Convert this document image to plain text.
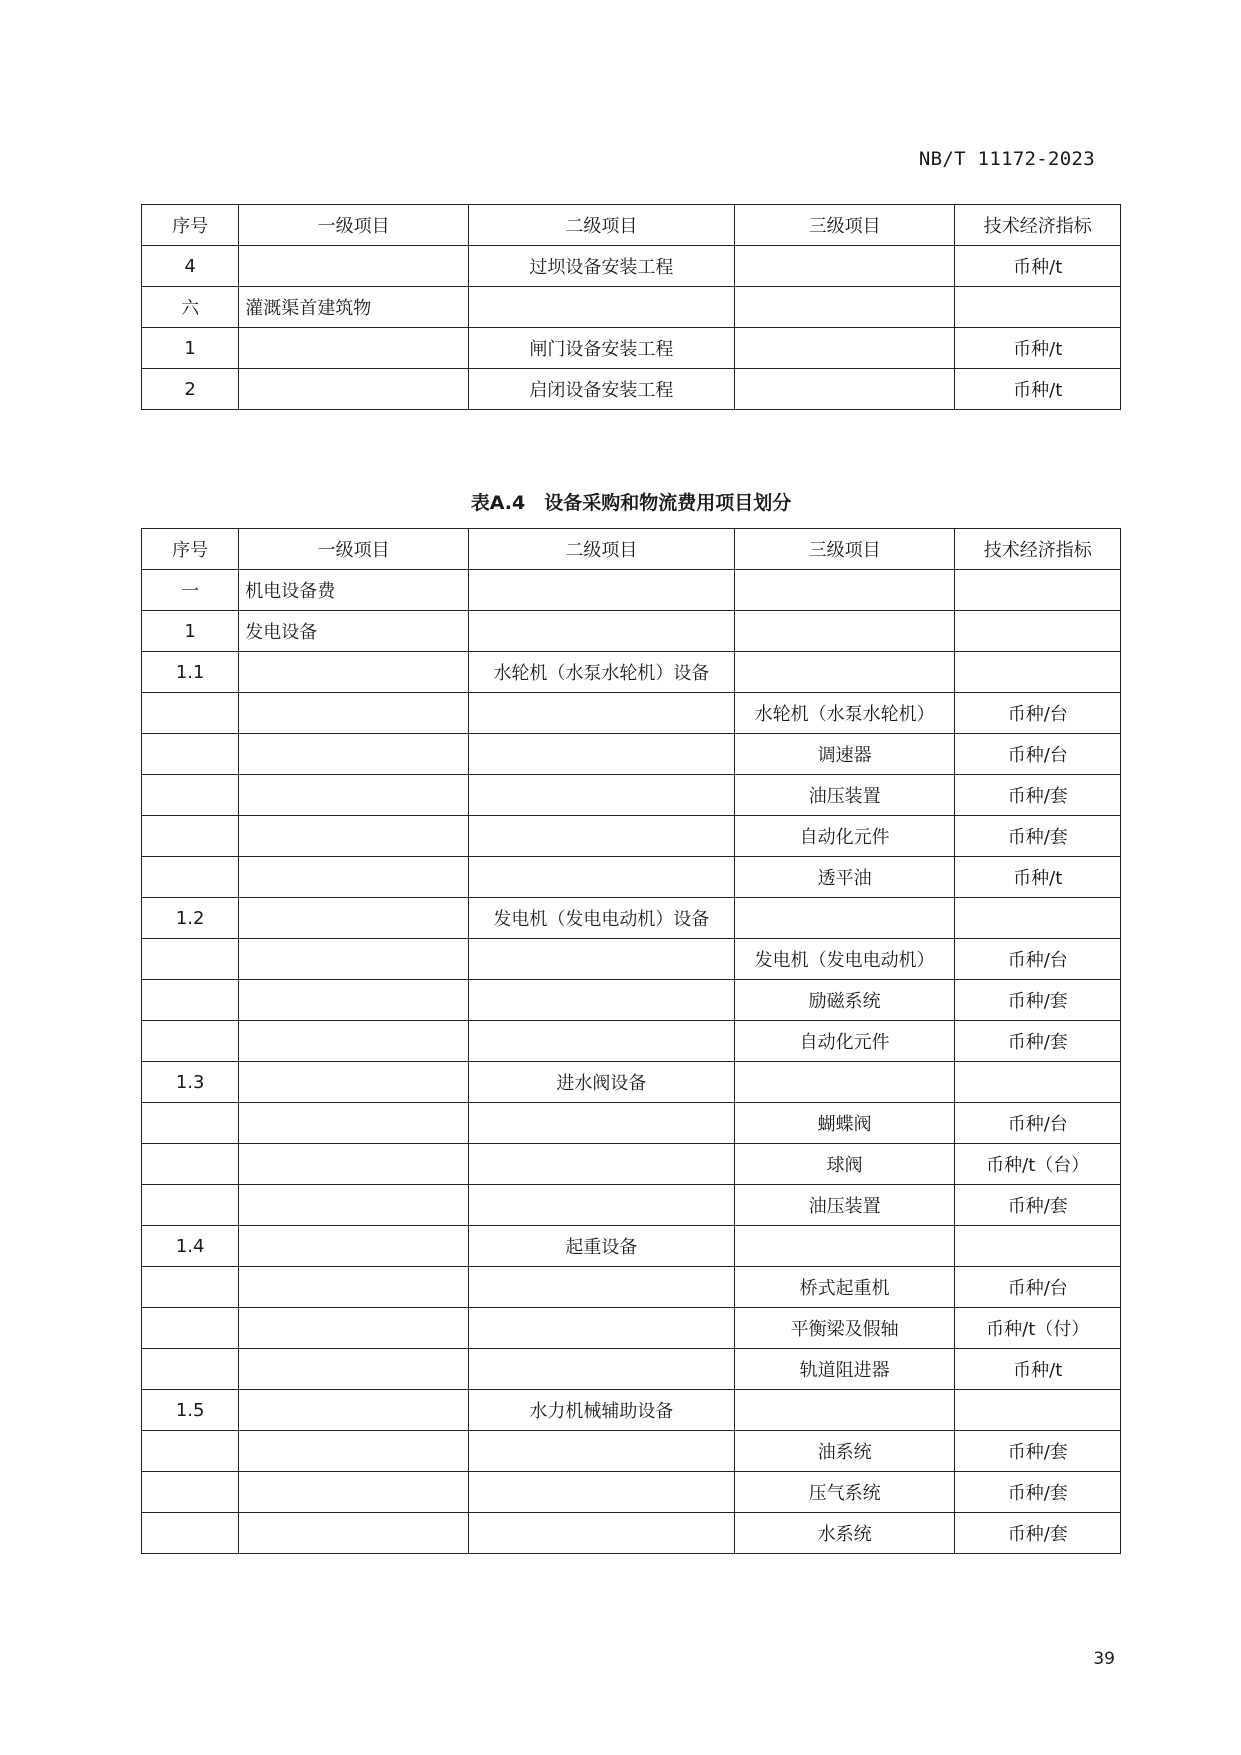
NB/T 11172-2023
序号	一级项目	二级项目	三级项目	技术经济指标
4		过坝设备安装工程		币种/t
六	灌溉渠首建筑物			
1		闸门设备安装工程		币种/t
2		启闭设备安装工程		币种/t
表A.4　设备采购和物流费用项目划分
序号	一级项目	二级项目	三级项目	技术经济指标
一	机电设备费			
1	发电设备			
1.1		水轮机（水泵水轮机）设备		
			水轮机（水泵水轮机）	币种/台
			调速器	币种/台
			油压装置	币种/套
			自动化元件	币种/套
			透平油	币种/t
1.2		发电机（发电电动机）设备		
			发电机（发电电动机）	币种/台
			励磁系统	币种/套
			自动化元件	币种/套
1.3		进水阀设备		
			蝴蝶阀	币种/台
			球阀	币种/t（台）
			油压装置	币种/套
1.4		起重设备		
			桥式起重机	币种/台
			平衡梁及假轴	币种/t（付）
			轨道阻进器	币种/t
1.5		水力机械辅助设备		
			油系统	币种/套
			压气系统	币种/套
			水系统	币种/套
39
